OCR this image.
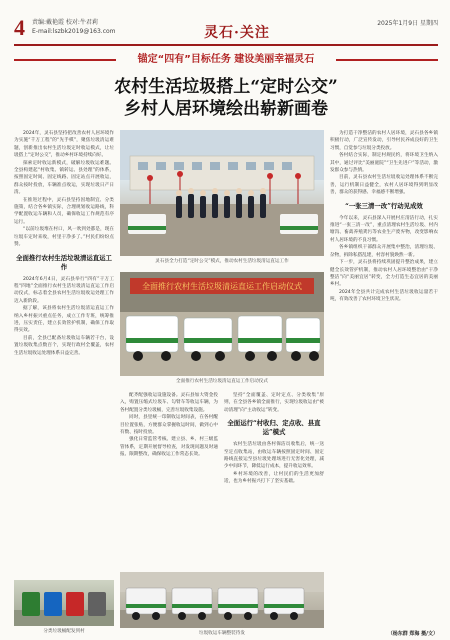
4 责编:戴艳霞 校对:牛君莉
E-mail:lszbk2019@163.com	灵石·关注
2025年1月9日 星期四
锚定“四有”目标任务 建设美丽幸福灵石
农村生活垃圾搭上“定时公交”
乡村人居环境绘出崭新画卷

2024年，灵石县坚持把改善农村人居环境作为实施“千万工程”的“先手棋”，聚焦垃圾清运难题，创新推出农村生活垃圾定时收运模式，让垃圾搭上“定时公交”，推动乡村环境持续向好。

探索定时收运新模式，破解垃圾收运难题。全县构建起“村收集、镇转运、县处理”的体系，按照固定时间、固定线路、固定站点开展收运，群众按时投放，车辆准点收运，实现垃圾日产日清。

在推进过程中，灵石县坚持因地制宜、分类施策，结合各乡镇实际，合理规划收运路线，科学配置收运车辆和人员，确保收运工作规范有序运行。

“以前垃圾堆在村口，风一吹到处都是，现在垃圾车定时来收，村里干净多了。”村民们纷纷点赞。

全面推行农村生活垃圾清运直运工作

2024年6月4日，灵石县举行“四有”干万工程“四地”全面推行农村生活垃圾清运直运工作启动仪式，标志着全县农村生活垃圾收运处理工作迈入新阶段。

据了解，该县将农村生活垃圾清运直运工作纳入乡村振兴重点任务，成立工作专班，统筹推进，压实责任，建立长效管护机制，确保工作取得实效。

目前，全县已配备垃圾收运车辆若干台，设置垃圾收集点数百个，实现行政村全覆盖，农村生活垃圾收运处理体系日益完善。

灵石县全力打造“定时公交”模式，推动农村生活垃圾清运直运工作
全面推行农村生活垃圾清运直运工作启动仪式
全面推行农村生活垃圾清运直运工作启动仪式

配齐配强收运设施设备。灵石县加大资金投入，购置压缩式垃圾车、勾臂车等收运车辆，为各村配置分类垃圾桶，完善垃圾收集设施。

同时，县里统一印制收运时间表，在各村醒目位置张贴，方便群众掌握收运时间，做到心中有数、按时投放。

强化日常监管考核。建立县、乡、村三级监管体系，定期开展督导检查，对发现问题及时通报、限期整改，确保收运工作常态长效。

坚持“全面覆盖、定时定点、分类收集”原则，在全县各乡镇全面推行，实现垃圾收运由“被动清理”向“主动收运”转变。

全面运行“村收归、定点收、县直运”模式

农村生活垃圾由各村保洁员收集后，统一送至定点收集站，由收运车辆按照固定时间、固定路线直接运至县垃圾处理场进行无害化处理，减少中间环节，降低运行成本，提升收运效率。

乡村环境的改善，让村民们的生活更加舒适，也为乡村振兴打下了坚实基础。

为打造干净整洁的农村人居环境，灵石县各乡镇积极行动，广泛宣传发动，引导村民养成良好的卫生习惯，自觉参与垃圾分类投放。

各村结合实际，制定村规民约，将环境卫生纳入其中，通过评比“美丽庭院”“卫生先进户”等活动，激发群众参与热情。

目前，灵石县农村生活垃圾收运处理体系不断完善，运行机制日益健全，农村人居环境得到明显改善，群众的获得感、幸福感不断增强。

“一张三清一改”行动见成效

今年以来，灵石县深入开展村庄清洁行动，扎实推进“一张三清一改”，重点清理农村生活垃圾、村内塘沟、畜禽养殖粪污等农业生产废弃物，改变影响农村人居环境的不良习惯。

各乡镇组织干部群众开展集中整治，清理垃圾、杂物，拆除私搭乱建，村容村貌焕然一新。

下一步，灵石县将持续巩固提升整治成果，建立健全长效管护机制，推动农村人居环境整治由“干净整洁”向“美丽宜居”转变，全力打造生态宜居的美丽乡村。

2024年全县共计完成农村生活垃圾收运量若干吨，有效改善了农村环境卫生状况。

分类垃圾桶配发到村	垃圾收运车辆整装待发	（杨东群 郑海 摄/文）
